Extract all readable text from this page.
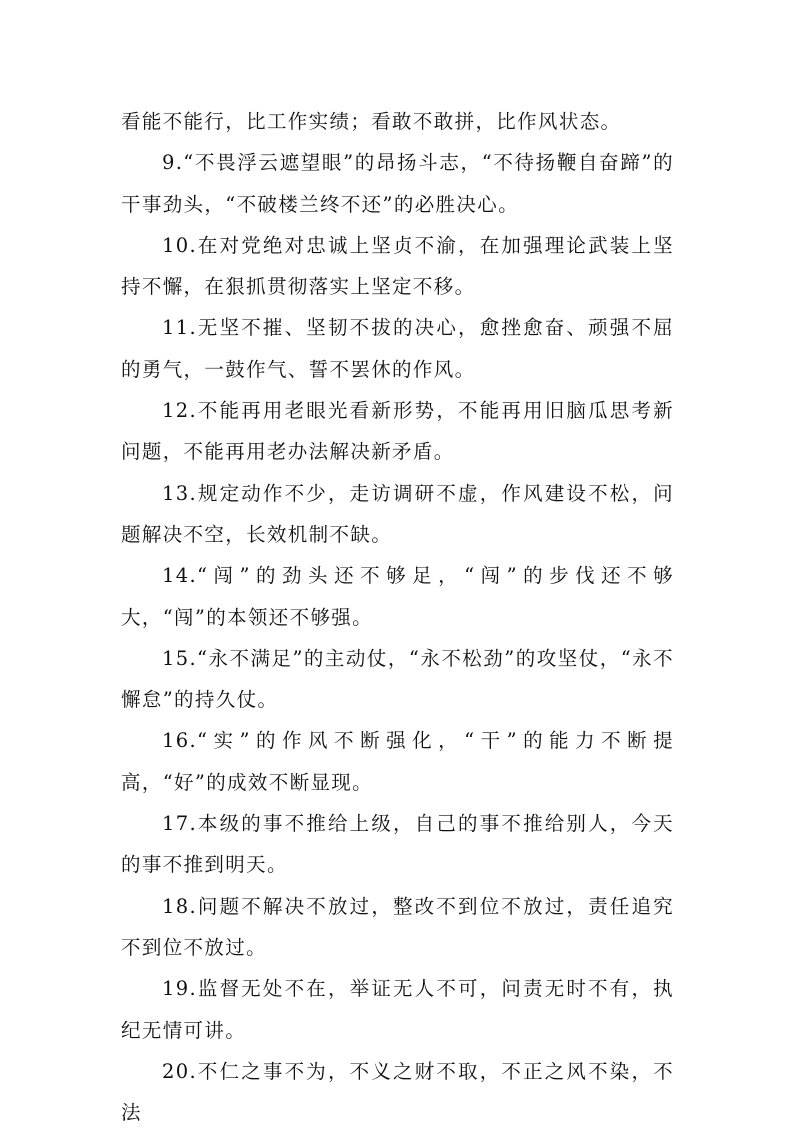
看能不能行，比工作实绩；看敢不敢拼，比作风状态。

9.“不畏浮云遮望眼”的昂扬斗志，“不待扬鞭自奋蹄”的干事劲头，“不破楼兰终不还”的必胜决心。

10.在对党绝对忠诚上坚贞不渝，在加强理论武装上坚持不懈，在狠抓贯彻落实上坚定不移。

11.无坚不摧、坚韧不拔的决心，愈挫愈奋、顽强不屈的勇气，一鼓作气、誓不罢休的作风。

12.不能再用老眼光看新形势，不能再用旧脑瓜思考新问题，不能再用老办法解决新矛盾。

13.规定动作不少，走访调研不虚，作风建设不松，问题解决不空，长效机制不缺。

14.“闯”的劲头还不够足，“闯”的步伐还不够大，“闯”的本领还不够强。

15.“永不满足”的主动仗，“永不松劲”的攻坚仗，“永不懈怠”的持久仗。

16.“实”的作风不断强化，“干”的能力不断提高，“好”的成效不断显现。

17.本级的事不推给上级，自己的事不推给别人，今天的事不推到明天。

18.问题不解决不放过，整改不到位不放过，责任追究不到位不放过。

19.监督无处不在，举证无人不可，问责无时不有，执纪无情可讲。

20.不仁之事不为，不义之财不取，不正之风不染，不法
